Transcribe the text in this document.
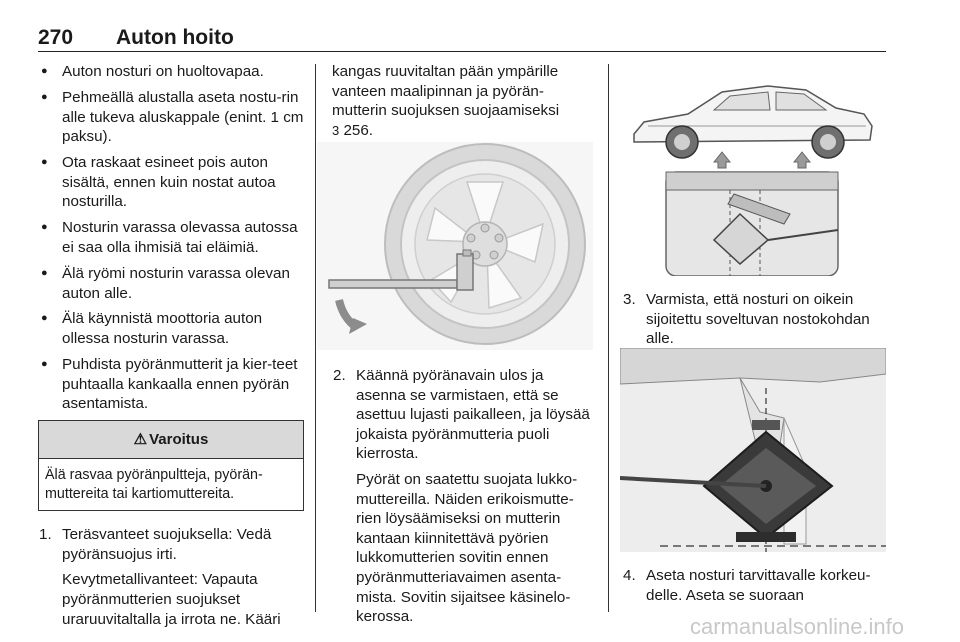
270 Auton hoito
● Auton nosturi on huoltovapaa.
● Pehmeällä alustalla aseta nostu-rin alle tukeva aluskappale (enint. 1 cm paksu).
● Ota raskaat esineet pois auton sisältä, ennen kuin nostat autoa nosturilla.
● Nosturin varassa olevassa autossa ei saa olla ihmisiä tai eläimiä.
● Älä ryömi nosturin varassa olevan auton alle.
● Älä käynnistä moottoria auton ollessa nosturin varassa.
● Puhdista pyöränmutterit ja kier-teet puhtaalla kankaalla ennen pyörän asentamista.
⚠ Varoitus
Älä rasvaa pyöränpultteja, pyörän-muttereita tai kartiomuttereita.
1. Teräsvanteet suojuksella: Vedä pyöränsuojus irti.

Kevytmetallivanteet: Vapauta pyöränmutterien suojukset uraruuvitaltalla ja irrota ne. Kääri

kangas ruuvitaltan pään ympärille vanteen maalipinnan ja pyörän-mutterin suojuksen suojaamiseksi
3 256.

2. Käännä pyöränavain ulos ja asenna se varmistaen, että se asettuu lujasti paikalleen, ja löysää jokaista pyöränmutteria puoli kierrosta.

Pyörät on saatettu suojata lukko-muttereilla. Näiden erikoismutte-rien löysäämiseksi on mutterin kantaan kiinnitettävä pyörien lukkomutterien sovitin ennen pyöränmutteriavaimen asenta-mista. Sovitin sijaitsee käsinelo-kerossa.

3. Varmista, että nosturi on oikein sijoitettu soveltuvan nostokohdan alle.

4. Aseta nosturi tarvittavalle korkeu-delle. Aseta se suoraan

carmanualsonline.info
